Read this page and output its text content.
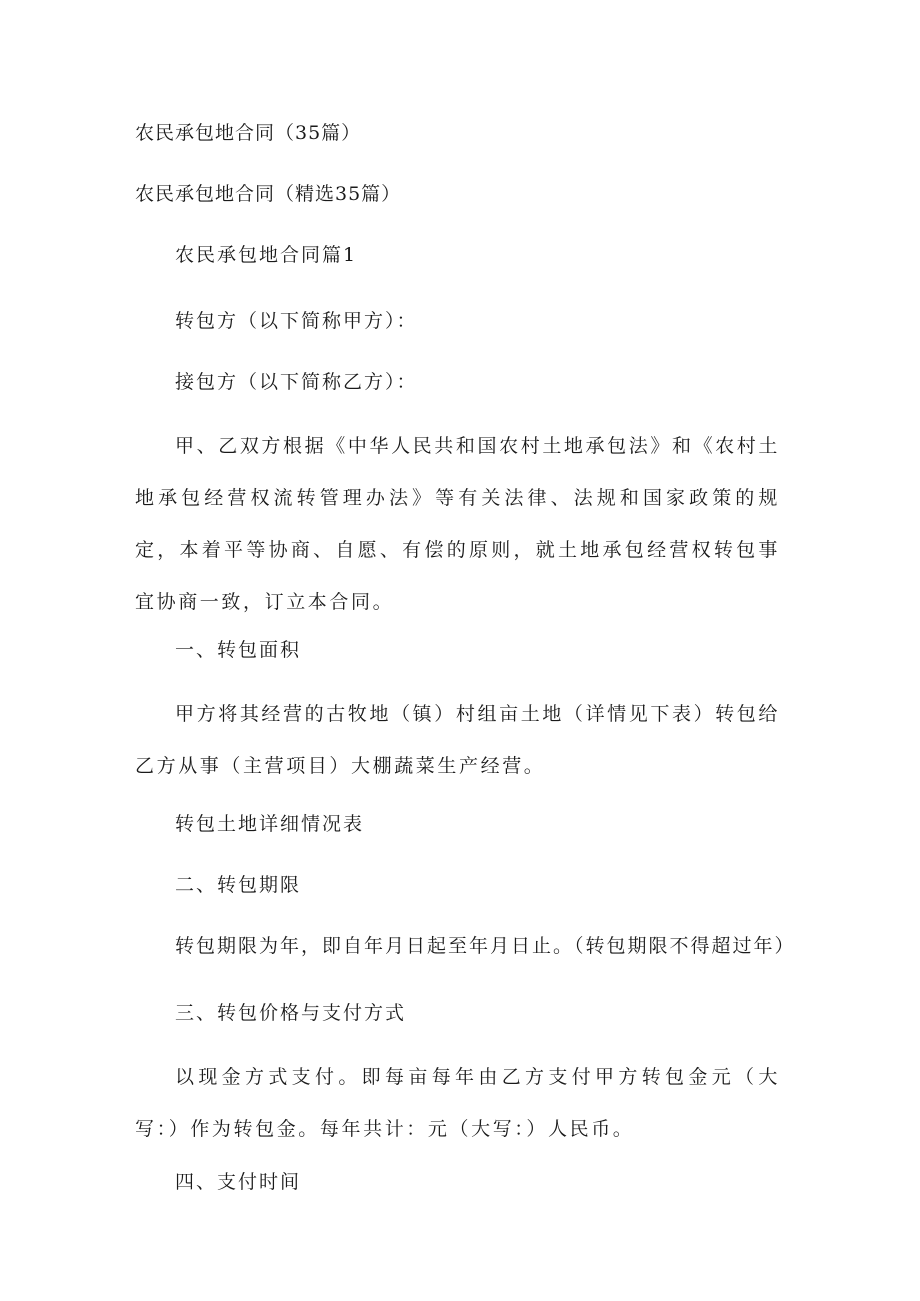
农民承包地合同（35篇）

农民承包地合同（精选35篇）

农民承包地合同篇1

转包方（以下简称甲方）：

接包方（以下简称乙方）：

甲、乙双方根据《中华人民共和国农村土地承包法》和《农村土地承包经营权流转管理办法》等有关法律、法规和国家政策的规定，本着平等协商、自愿、有偿的原则，就土地承包经营权转包事宜协商一致，订立本合同。

一、转包面积

甲方将其经营的古牧地（镇）村组亩土地（详情见下表）转包给乙方从事（主营项目）大棚蔬菜生产经营。

转包土地详细情况表

二、转包期限

转包期限为年，即自年月日起至年月日止。（转包期限不得超过年）

三、转包价格与支付方式

以现金方式支付。即每亩每年由乙方支付甲方转包金元（大写：）作为转包金。每年共计：元（大写：）人民币。

四、支付时间
